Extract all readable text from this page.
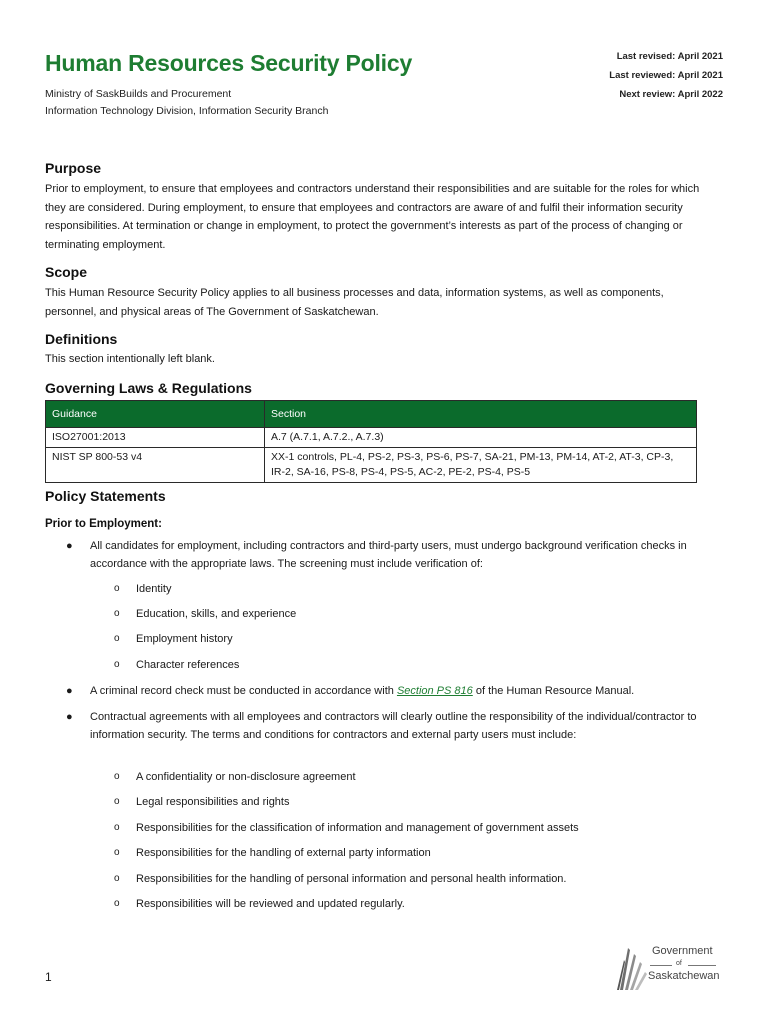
Human Resources Security Policy
Ministry of SaskBuilds and Procurement
Information Technology Division, Information Security Branch
Last revised: April 2021
Last reviewed: April 2021
Next review: April 2022
Purpose

Prior to employment, to ensure that employees and contractors understand their responsibilities and are suitable for the roles for which they are considered. During employment, to ensure that employees and contractors are aware of and fulfil their information security responsibilities. At termination or change in employment, to protect the government’s interests as part of the process of changing or terminating employment.

Scope

This Human Resource Security Policy applies to all business processes and data, information systems, as well as components, personnel, and physical areas of The Government of Saskatchewan.

Definitions

This section intentionally left blank.

Governing Laws & Regulations
Guidance	Section
ISO27001:2013	A.7 (A.7.1, A.7.2., A.7.3)
NIST SP 800-53 v4	XX-1 controls, PL-4, PS-2, PS-3, PS-6, PS-7, SA-21, PM-13, PM-14, AT-2, AT-3, CP-3, IR-2, SA-16, PS-8, PS-4, PS-5, AC-2, PE-2, PS-4, PS-5
Policy Statements
Prior to Employment:
● All candidates for employment, including contractors and third-party users, must undergo background verification checks in accordance with the appropriate laws. The screening must include verification of:
o Identity
o Education, skills, and experience
o Employment history
o Character references
● A criminal record check must be conducted in accordance with Section PS 816 of the Human Resource Manual.
● Contractual agreements with all employees and contractors will clearly outline the responsibility of the individual/contractor to information security. The terms and conditions for contractors and external party users must include:
o A confidentiality or non-disclosure agreement
o Legal responsibilities and rights
o Responsibilities for the classification of information and management of government assets
o Responsibilities for the handling of external party information
o Responsibilities for the handling of personal information and personal health information.
o Responsibilities will be reviewed and updated regularly.
1
Government
of
Saskatchewan
